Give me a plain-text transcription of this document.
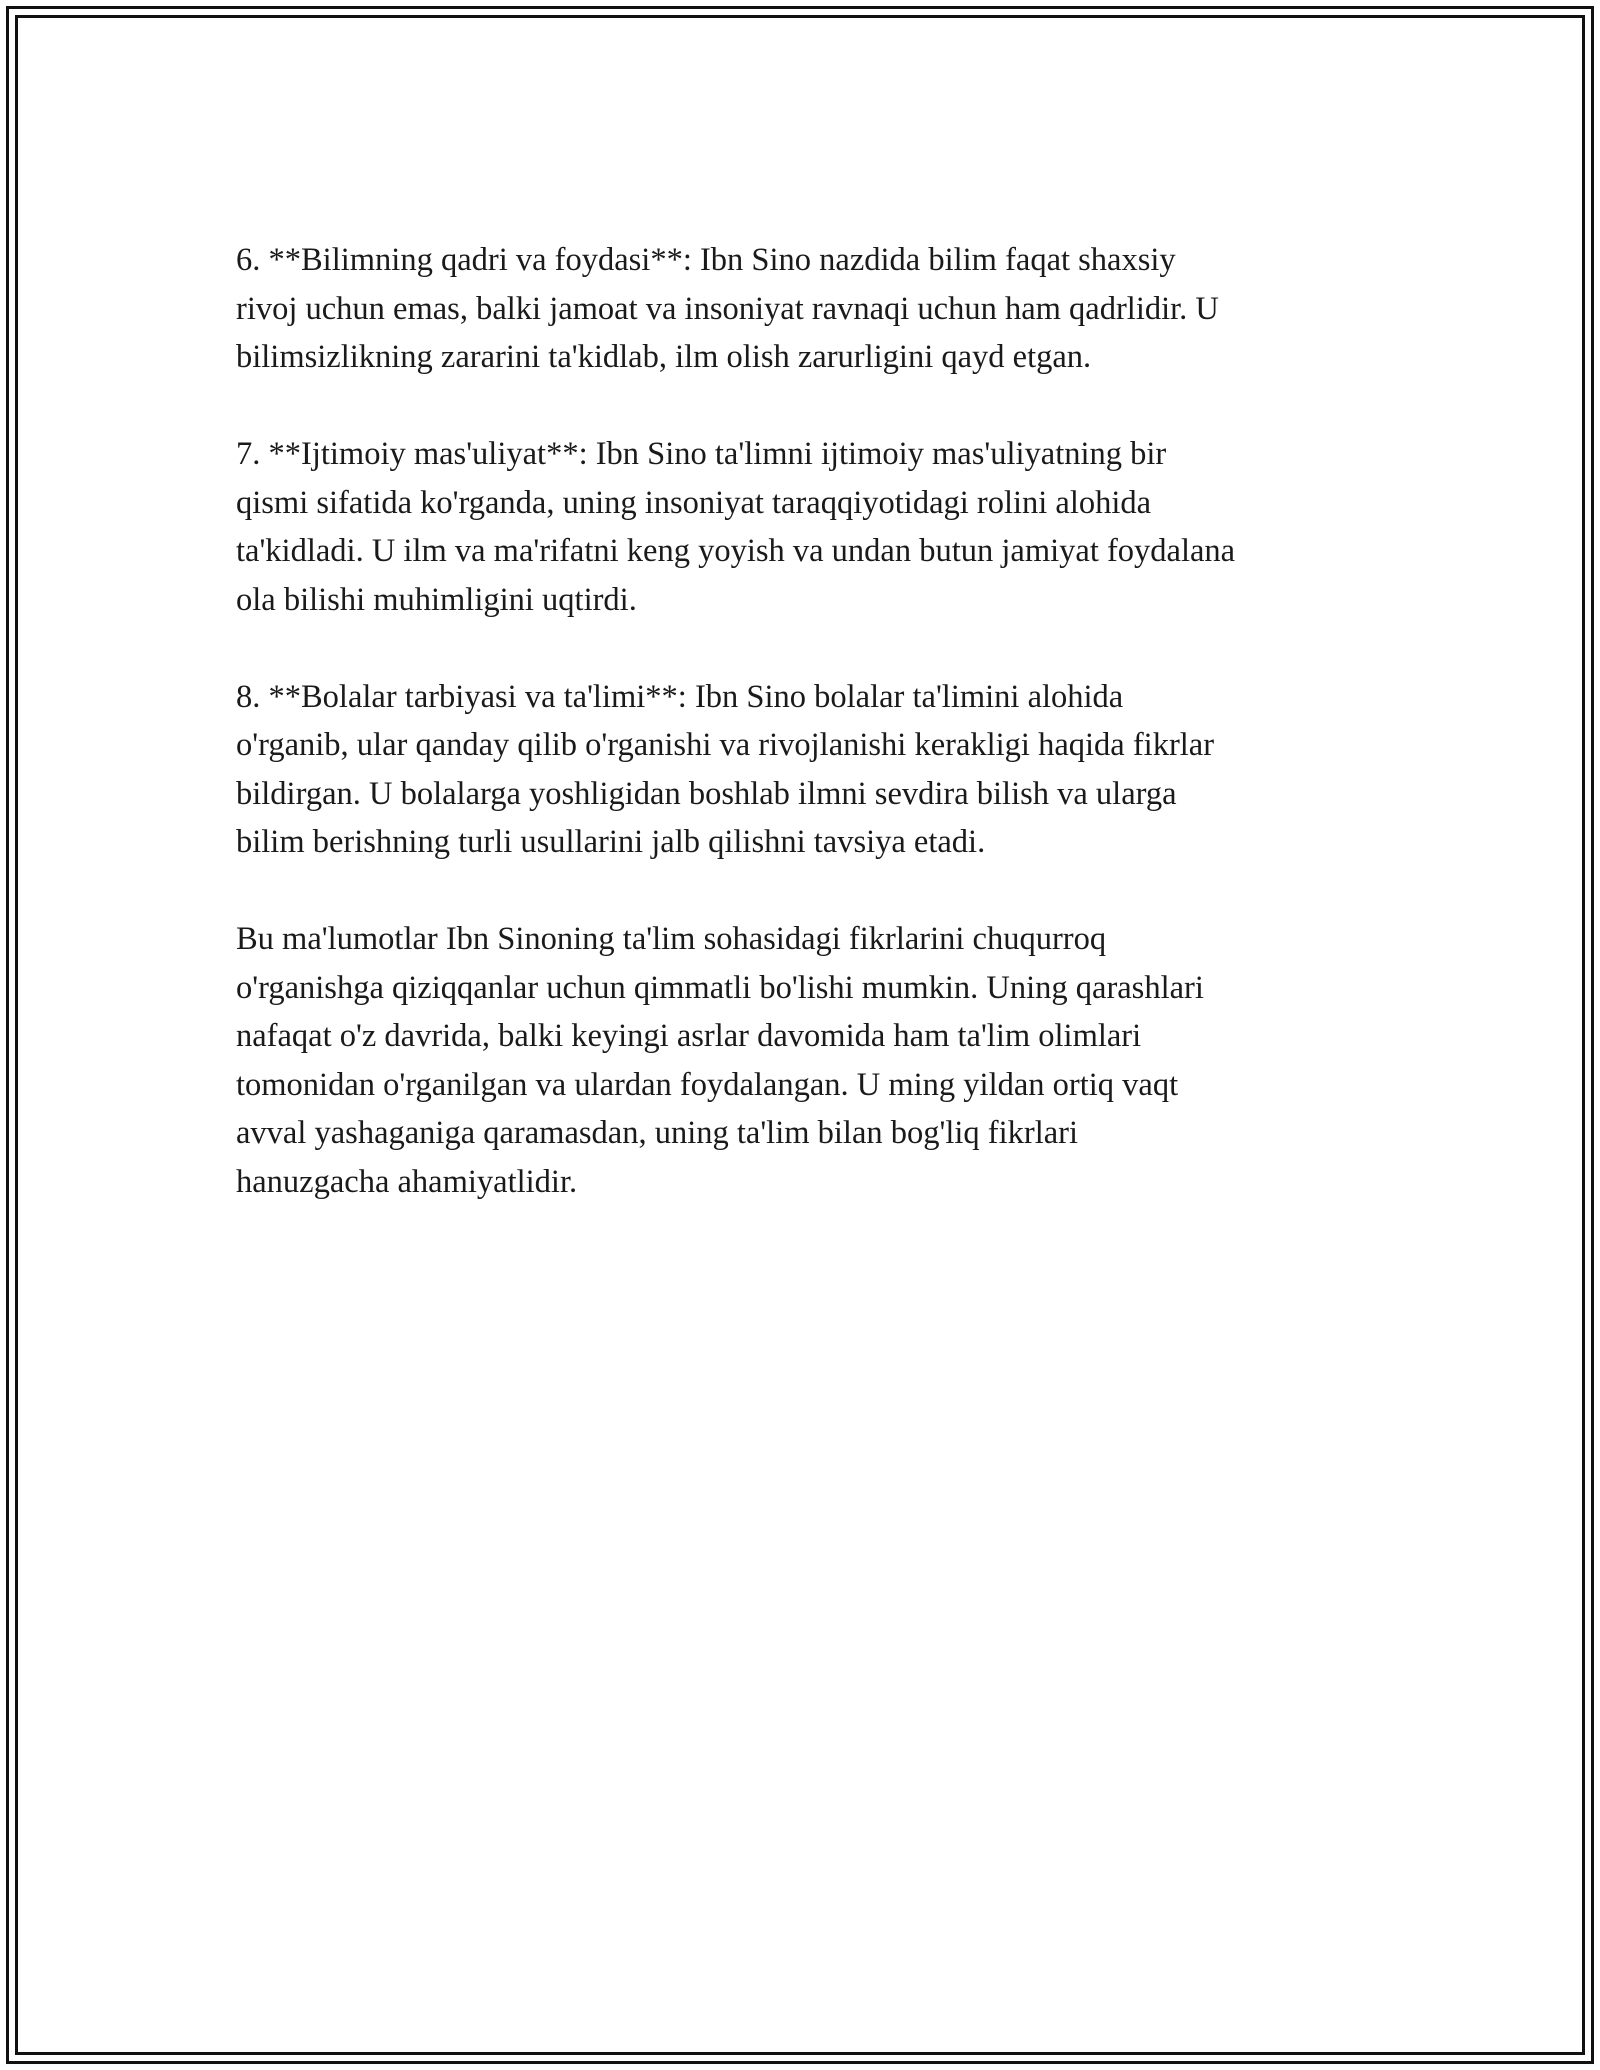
6. **Bilimning qadri va foydasi**: Ibn Sino nazdida bilim faqat shaxsiy
rivoj uchun emas, balki jamoat va insoniyat ravnaqi uchun ham qadrlidir. U
bilimsizlikning zararini ta'kidlab, ilm olish zarurligini qayd etgan.

7. **Ijtimoiy mas'uliyat**: Ibn Sino ta'limni ijtimoiy mas'uliyatning bir
qismi sifatida ko'rganda, uning insoniyat taraqqiyotidagi rolini alohida
ta'kidladi. U ilm va ma'rifatni keng yoyish va undan butun jamiyat foydalana
ola bilishi muhimligini uqtirdi.

8. **Bolalar tarbiyasi va ta'limi**: Ibn Sino bolalar ta'limini alohida
o'rganib, ular qanday qilib o'rganishi va rivojlanishi kerakligi haqida fikrlar
bildirgan. U bolalarga yoshligidan boshlab ilmni sevdira bilish va ularga
bilim berishning turli usullarini jalb qilishni tavsiya etadi.

Bu ma'lumotlar Ibn Sinoning ta'lim sohasidagi fikrlarini chuqurroq
o'rganishga qiziqqanlar uchun qimmatli bo'lishi mumkin. Uning qarashlari
nafaqat o'z davrida, balki keyingi asrlar davomida ham ta'lim olimlari
tomonidan o'rganilgan va ulardan foydalangan. U ming yildan ortiq vaqt
avval yashaganiga qaramasdan, uning ta'lim bilan bog'liq fikrlari
hanuzgacha ahamiyatlidir.
